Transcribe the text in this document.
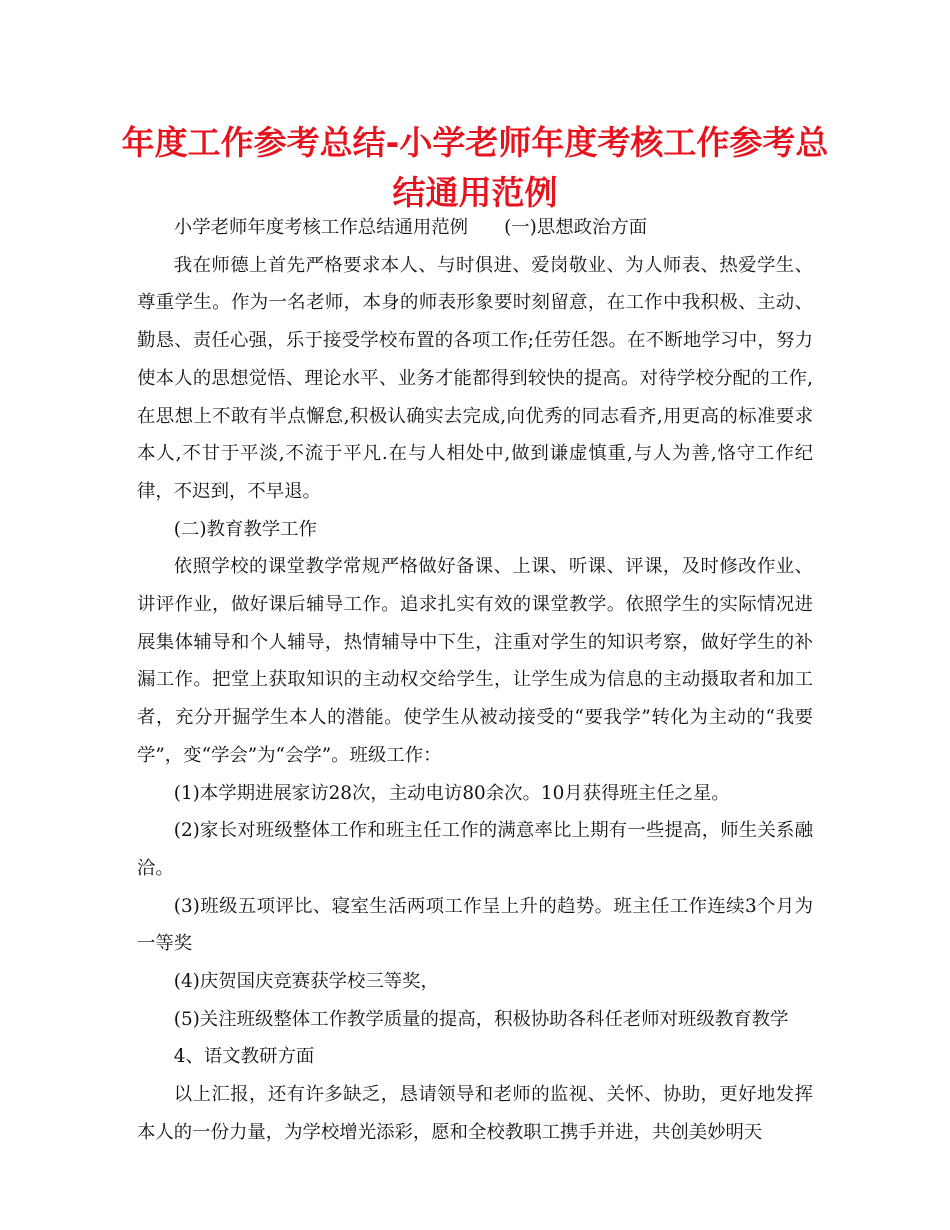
年度工作参考总结-小学老师年度考核工作参考总结通用范例

小学老师年度考核工作总结通用范例 (一)思想政治方面

我在师德上首先严格要求本人、与时俱进、爱岗敬业、为人师表、热爱学生、尊重学生。作为一名老师，本身的师表形象要时刻留意，在工作中我积极、主动、勤恳、责任心强，乐于接受学校布置的各项工作;任劳任怨。在不断地学习中，努力使本人的思想觉悟、理论水平、业务才能都得到较快的提高。对待学校分配的工作,在思想上不敢有半点懈怠,积极认确实去完成,向优秀的同志看齐,用更高的标准要求本人,不甘于平淡,不流于平凡.在与人相处中,做到谦虚慎重,与人为善,恪守工作纪律，不迟到，不早退。

(二)教育教学工作

依照学校的课堂教学常规严格做好备课、上课、听课、评课，及时修改作业、讲评作业，做好课后辅导工作。追求扎实有效的课堂教学。依照学生的实际情况进展集体辅导和个人辅导，热情辅导中下生，注重对学生的知识考察，做好学生的补漏工作。把堂上获取知识的主动权交给学生，让学生成为信息的主动摄取者和加工者，充分开掘学生本人的潜能。使学生从被动接受的“要我学”转化为主动的“我要学”，变“学会”为“会学”。班级工作：

(1)本学期进展家访28次，主动电访80余次。10月获得班主任之星。

(2)家长对班级整体工作和班主任工作的满意率比上期有一些提高，师生关系融洽。

(3)班级五项评比、寝室生活两项工作呈上升的趋势。班主任工作连续3个月为一等奖

(4)庆贺国庆竞赛获学校三等奖，

(5)关注班级整体工作教学质量的提高，积极协助各科任老师对班级教育教学

4、语文教研方面

以上汇报，还有许多缺乏，恳请领导和老师的监视、关怀、协助，更好地发挥本人的一份力量，为学校增光添彩，愿和全校教职工携手并进，共创美妙明天
